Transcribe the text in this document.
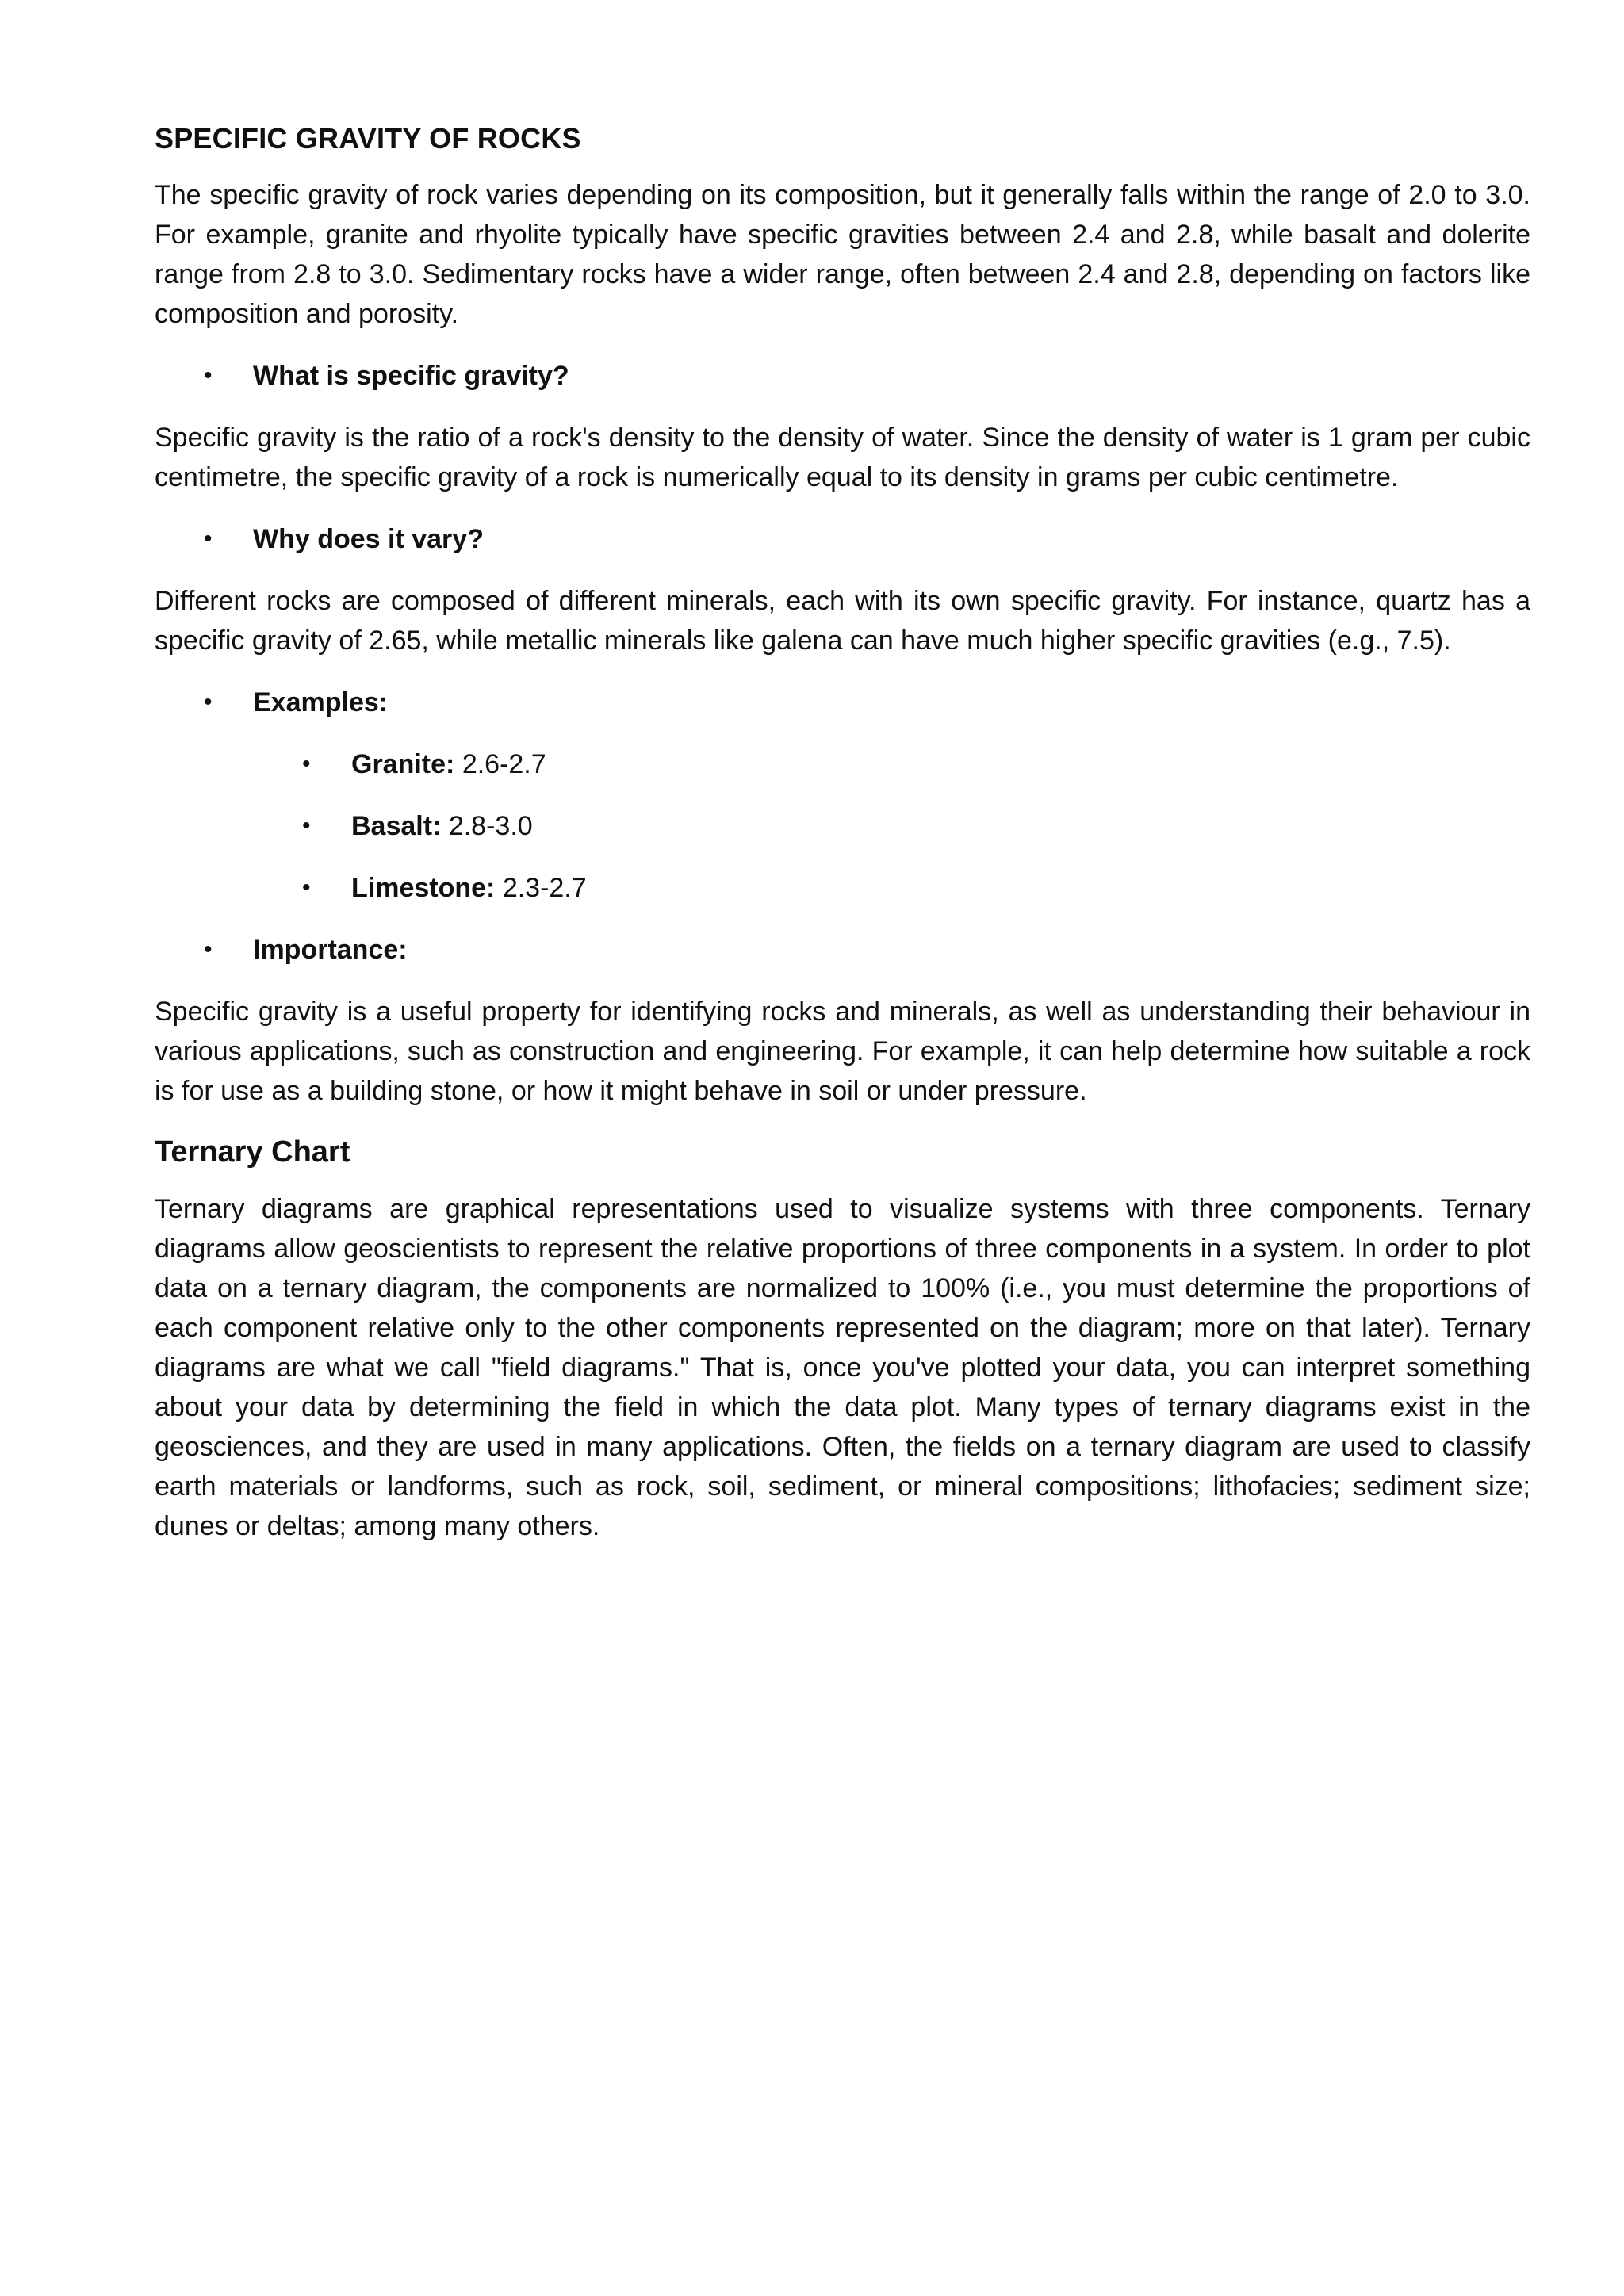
SPECIFIC GRAVITY OF ROCKS

The specific gravity of rock varies depending on its composition, but it generally falls within the range of 2.0 to 3.0. For example, granite and rhyolite typically have specific gravities between 2.4 and 2.8, while basalt and dolerite range from 2.8 to 3.0. Sedimentary rocks have a wider range, often between 2.4 and 2.8, depending on factors like composition and porosity.

• What is specific gravity?

Specific gravity is the ratio of a rock's density to the density of water. Since the density of water is 1 gram per cubic centimetre, the specific gravity of a rock is numerically equal to its density in grams per cubic centimetre.

• Why does it vary?

Different rocks are composed of different minerals, each with its own specific gravity. For instance, quartz has a specific gravity of 2.65, while metallic minerals like galena can have much higher specific gravities (e.g., 7.5).

• Examples:
• Granite: 2.6-2.7
• Basalt: 2.8-3.0
• Limestone: 2.3-2.7
• Importance:

Specific gravity is a useful property for identifying rocks and minerals, as well as understanding their behaviour in various applications, such as construction and engineering. For example, it can help determine how suitable a rock is for use as a building stone, or how it might behave in soil or under pressure.

Ternary Chart

Ternary diagrams are graphical representations used to visualize systems with three components. Ternary diagrams allow geoscientists to represent the relative proportions of three components in a system. In order to plot data on a ternary diagram, the components are normalized to 100% (i.e., you must determine the proportions of each component relative only to the other components represented on the diagram; more on that later). Ternary diagrams are what we call "field diagrams." That is, once you've plotted your data, you can interpret something about your data by determining the field in which the data plot. Many types of ternary diagrams exist in the geosciences, and they are used in many applications. Often, the fields on a ternary diagram are used to classify earth materials or landforms, such as rock, soil, sediment, or mineral compositions; lithofacies; sediment size; dunes or deltas; among many others.
